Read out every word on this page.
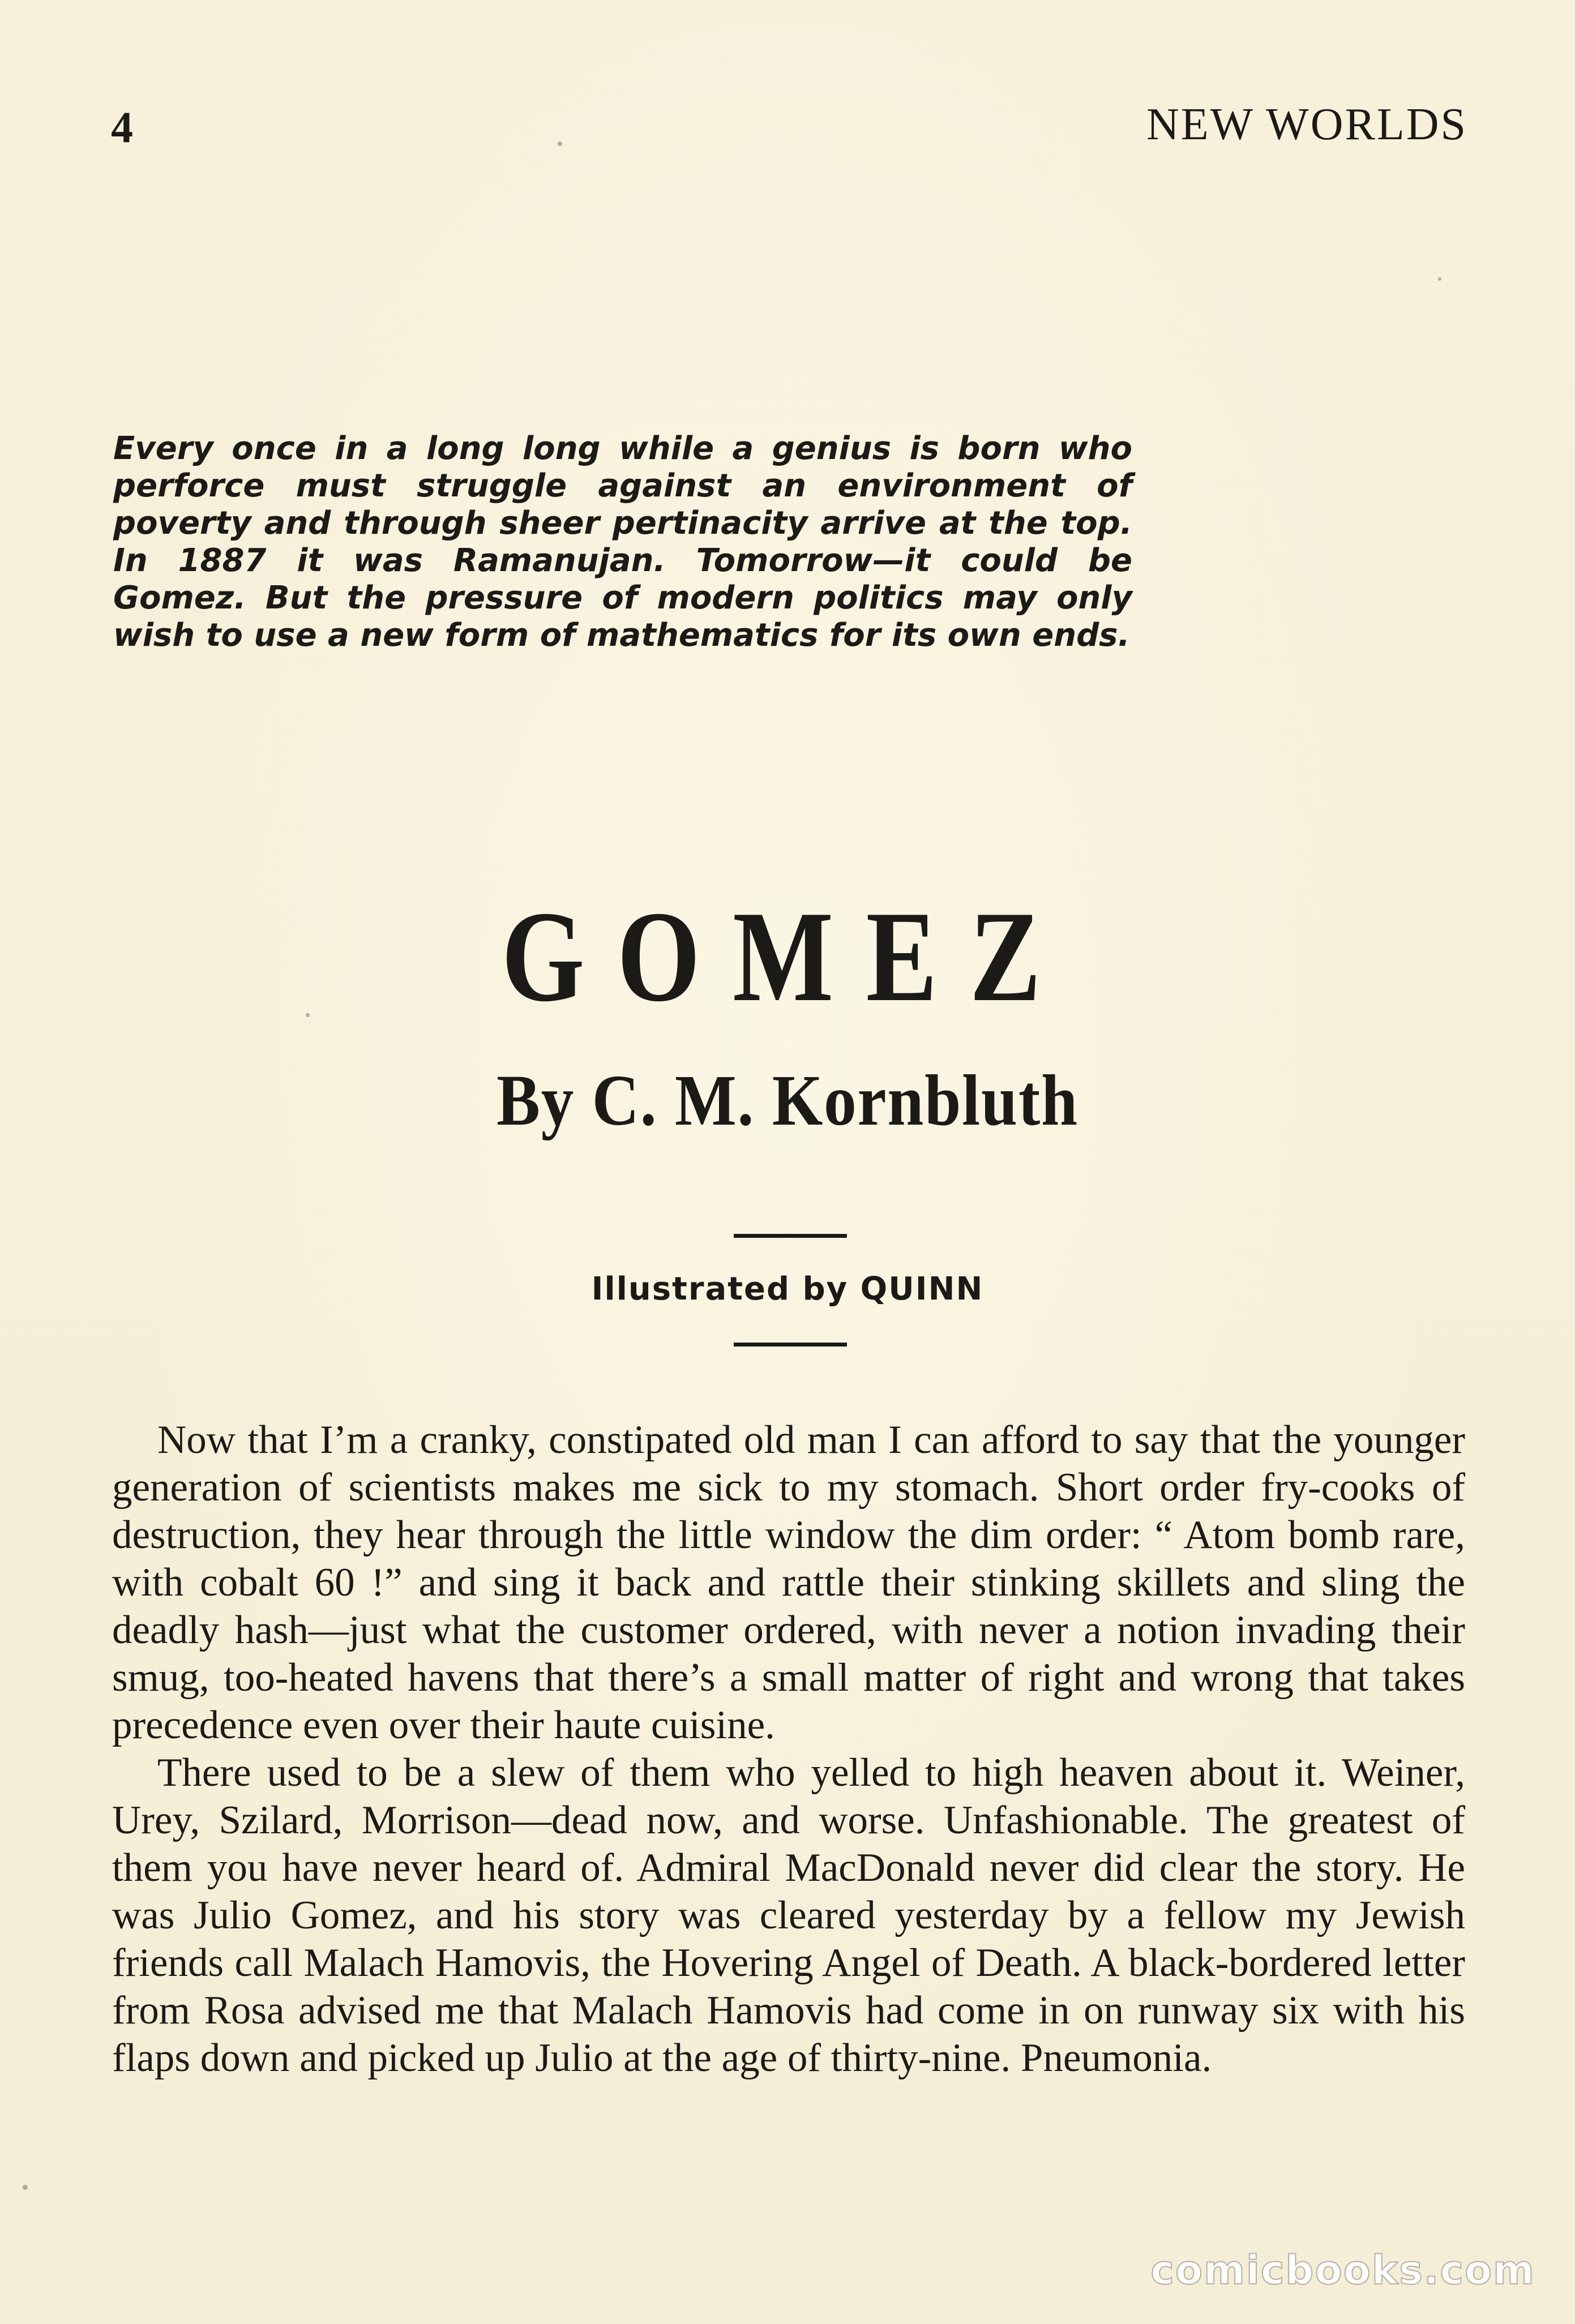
4	NEW WORLDS
Every once in a long long while a genius is born who perforce must struggle against an environment of poverty and through sheer pertinacity arrive at the top. In 1887 it was Ramanujan. Tomorrow—it could be Gomez. But the pressure of modern politics may only wish to use a new form of mathematics for its own ends.
GOMEZ
By C. M. Kornbluth
Illustrated by QUINN

Now that I’m a cranky, constipated old man I can afford to say that the younger generation of scientists makes me sick to my stomach. Short order fry-cooks of destruction, they hear through the little window the dim order: “ Atom bomb rare, with cobalt 60 !” and sing it back and rattle their stinking skillets and sling the deadly hash—just what the customer ordered, with never a notion invading their smug, too-heated havens that there’s a small matter of right and wrong that takes precedence even over their haute cuisine.

There used to be a slew of them who yelled to high heaven about it. Weiner, Urey, Szilard, Morrison—dead now, and worse. Unfashionable. The greatest of them you have never heard of. Admiral MacDonald never did clear the story. He was Julio Gomez, and his story was cleared yesterday by a fellow my Jewish friends call Malach Hamovis, the Hovering Angel of Death. A black-bordered letter from Rosa advised me that Malach Hamovis had come in on runway six with his flaps down and picked up Julio at the age of thirty-nine. Pneumonia.

comicbooks.com
